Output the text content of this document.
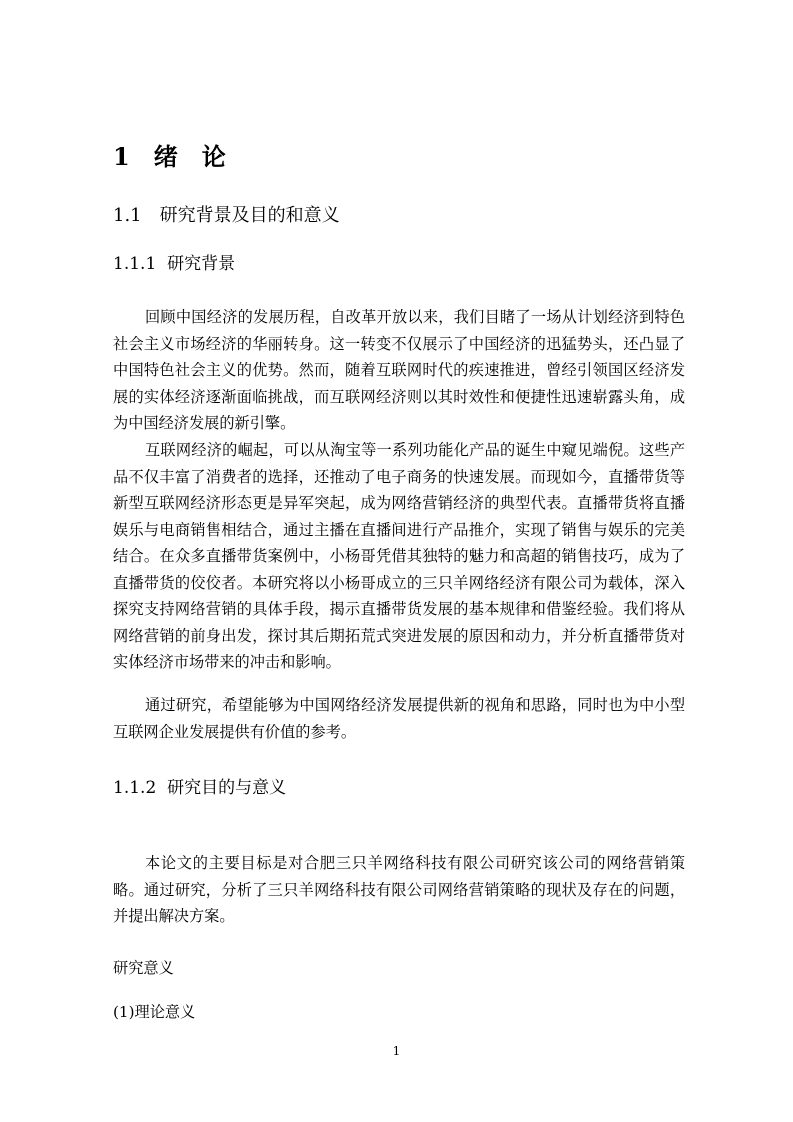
1　绪　论
1.1　研究背景及目的和意义
1.1.1  研究背景

回顾中国经济的发展历程，自改革开放以来，我们目睹了一场从计划经济到特色社会主义市场经济的华丽转身。这一转变不仅展示了中国经济的迅猛势头，还凸显了中国特色社会主义的优势。然而，随着互联网时代的疾速推进，曾经引领国区经济发展的实体经济逐渐面临挑战，而互联网经济则以其时效性和便捷性迅速崭露头角，成为中国经济发展的新引擎。

互联网经济的崛起，可以从淘宝等一系列功能化产品的诞生中窥见端倪。这些产品不仅丰富了消费者的选择，还推动了电子商务的快速发展。而现如今，直播带货等新型互联网经济形态更是异军突起，成为网络营销经济的典型代表。直播带货将直播娱乐与电商销售相结合，通过主播在直播间进行产品推介，实现了销售与娱乐的完美结合。在众多直播带货案例中，小杨哥凭借其独特的魅力和高超的销售技巧，成为了直播带货的佼佼者。本研究将以小杨哥成立的三只羊网络经济有限公司为载体，深入探究支持网络营销的具体手段，揭示直播带货发展的基本规律和借鉴经验。我们将从网络营销的前身出发，探讨其后期拓荒式突进发展的原因和动力，并分析直播带货对实体经济市场带来的冲击和影响。

通过研究，希望能够为中国网络经济发展提供新的视角和思路，同时也为中小型互联网企业发展提供有价值的参考。

1.1.2  研究目的与意义

本论文的主要目标是对合肥三只羊网络科技有限公司研究该公司的网络营销策略。通过研究，分析了三只羊网络科技有限公司网络营销策略的现状及存在的问题，并提出解决方案。

研究意义

(1)理论意义

1
